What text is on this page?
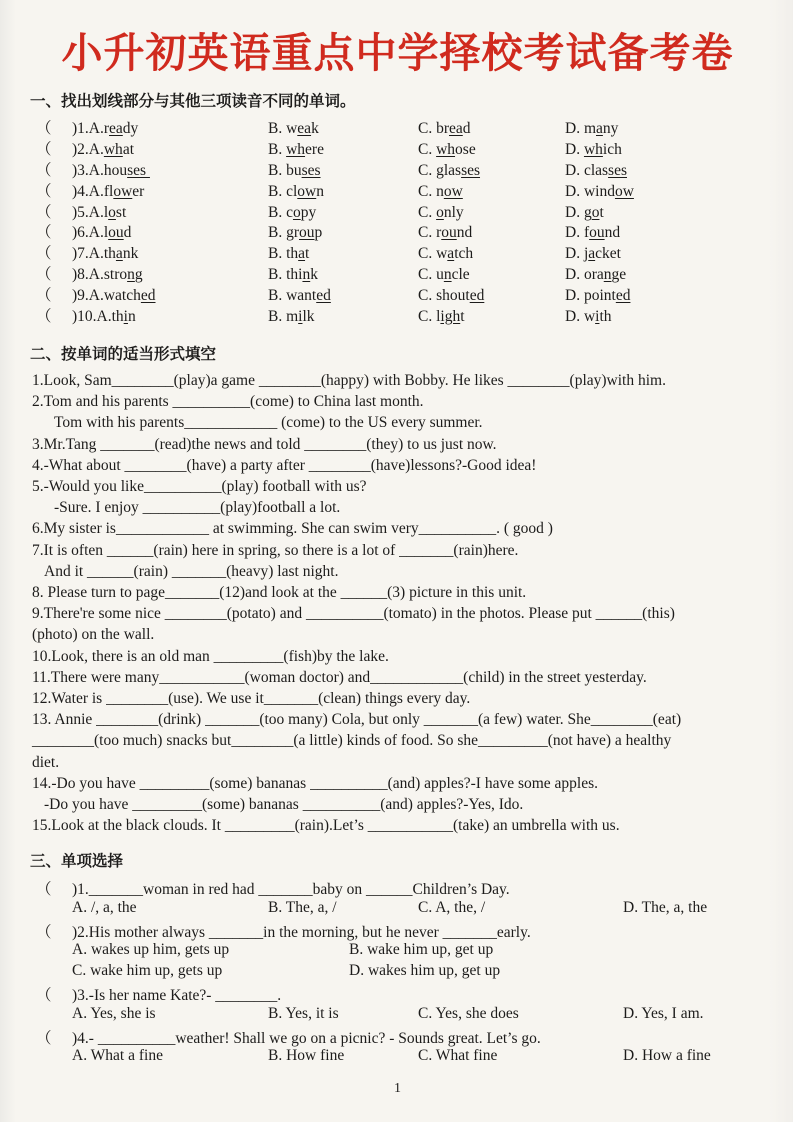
小升初英语重点中学择校考试备考卷
一、找出划线部分与其他三项读音不同的单词。
（	)1.A.ready	B. weak	C. bread	D. many
（	)2.A.what	B. where	C. whose	D. which
（	)3.A.houses	B. buses	C. glasses	D. classes
（	)4.A.flower	B. clown	C. now	D. window
（	)5.A.lost	B. copy	C. only	D. got
（	)6.A.loud	B. group	C. round	D. found
（	)7.A.thank	B. that	C. watch	D. jacket
（	)8.A.strong	B. think	C. uncle	D. orange
（	)9.A.watched	B. wanted	C. shouted	D. pointed
（	)10.A.thin	B. milk	C. light	D. with
二、按单词的适当形式填空
1.Look, Sam________(play)a game ________(happy) with Bobby. He likes ________(play)with him.
2.Tom and his parents __________(come) to China last month.
Tom with his parents____________ (come) to the US every summer.
3.Mr.Tang _______(read)the news and told ________(they) to us just now.
4.-What about ________(have) a party after ________(have)lessons?-Good idea!
5.-Would you like__________(play) football with us?
-Sure. I enjoy __________(play)football a lot.
6.My sister is____________ at swimming. She can swim very__________. ( good )
7.It is often ______(rain) here in spring, so there is a lot of _______(rain)here.
And it ______(rain) _______(heavy) last night.
8. Please turn to page_______(12)and look at the ______(3) picture in this unit.
9.There're some nice ________(potato) and __________(tomato) in the photos. Please put ______(this)
(photo) on the wall.
10.Look, there is an old man _________(fish)by the lake.
11.There were many___________(woman doctor) and____________(child) in the street yesterday.
12.Water is ________(use). We use it_______(clean) things every day.
13. Annie ________(drink) _______(too many) Cola, but only _______(a few) water. She________(eat)
________(too much) snacks but________(a little) kinds of food. So she_________(not have) a healthy
diet.
14.-Do you have _________(some) bananas __________(and) apples?-I have some apples.
-Do you have _________(some) bananas __________(and) apples?-Yes, Ido.
15.Look at the black clouds. It _________(rain).Let’s ___________(take) an umbrella with us.
三、单项选择
（	)1._______woman in red had _______baby on ______Children’s Day.
A. /, a, the	B. The, a, /	C. A, the, /	D. The, a, the
（	)2.His mother always _______in the morning, but he never _______early.
A. wakes up him, gets up	B. wake him up, get up
C. wake him up, gets up	D. wakes him up, get up
（	)3.-Is her name Kate?- ________.
A. Yes, she is	B. Yes, it is	C. Yes, she does	D. Yes, I am.
（	)4.- __________weather! Shall we go on a picnic? - Sounds great. Let’s go.
A. What a fine	B. How fine	C. What fine	D. How a fine
1
